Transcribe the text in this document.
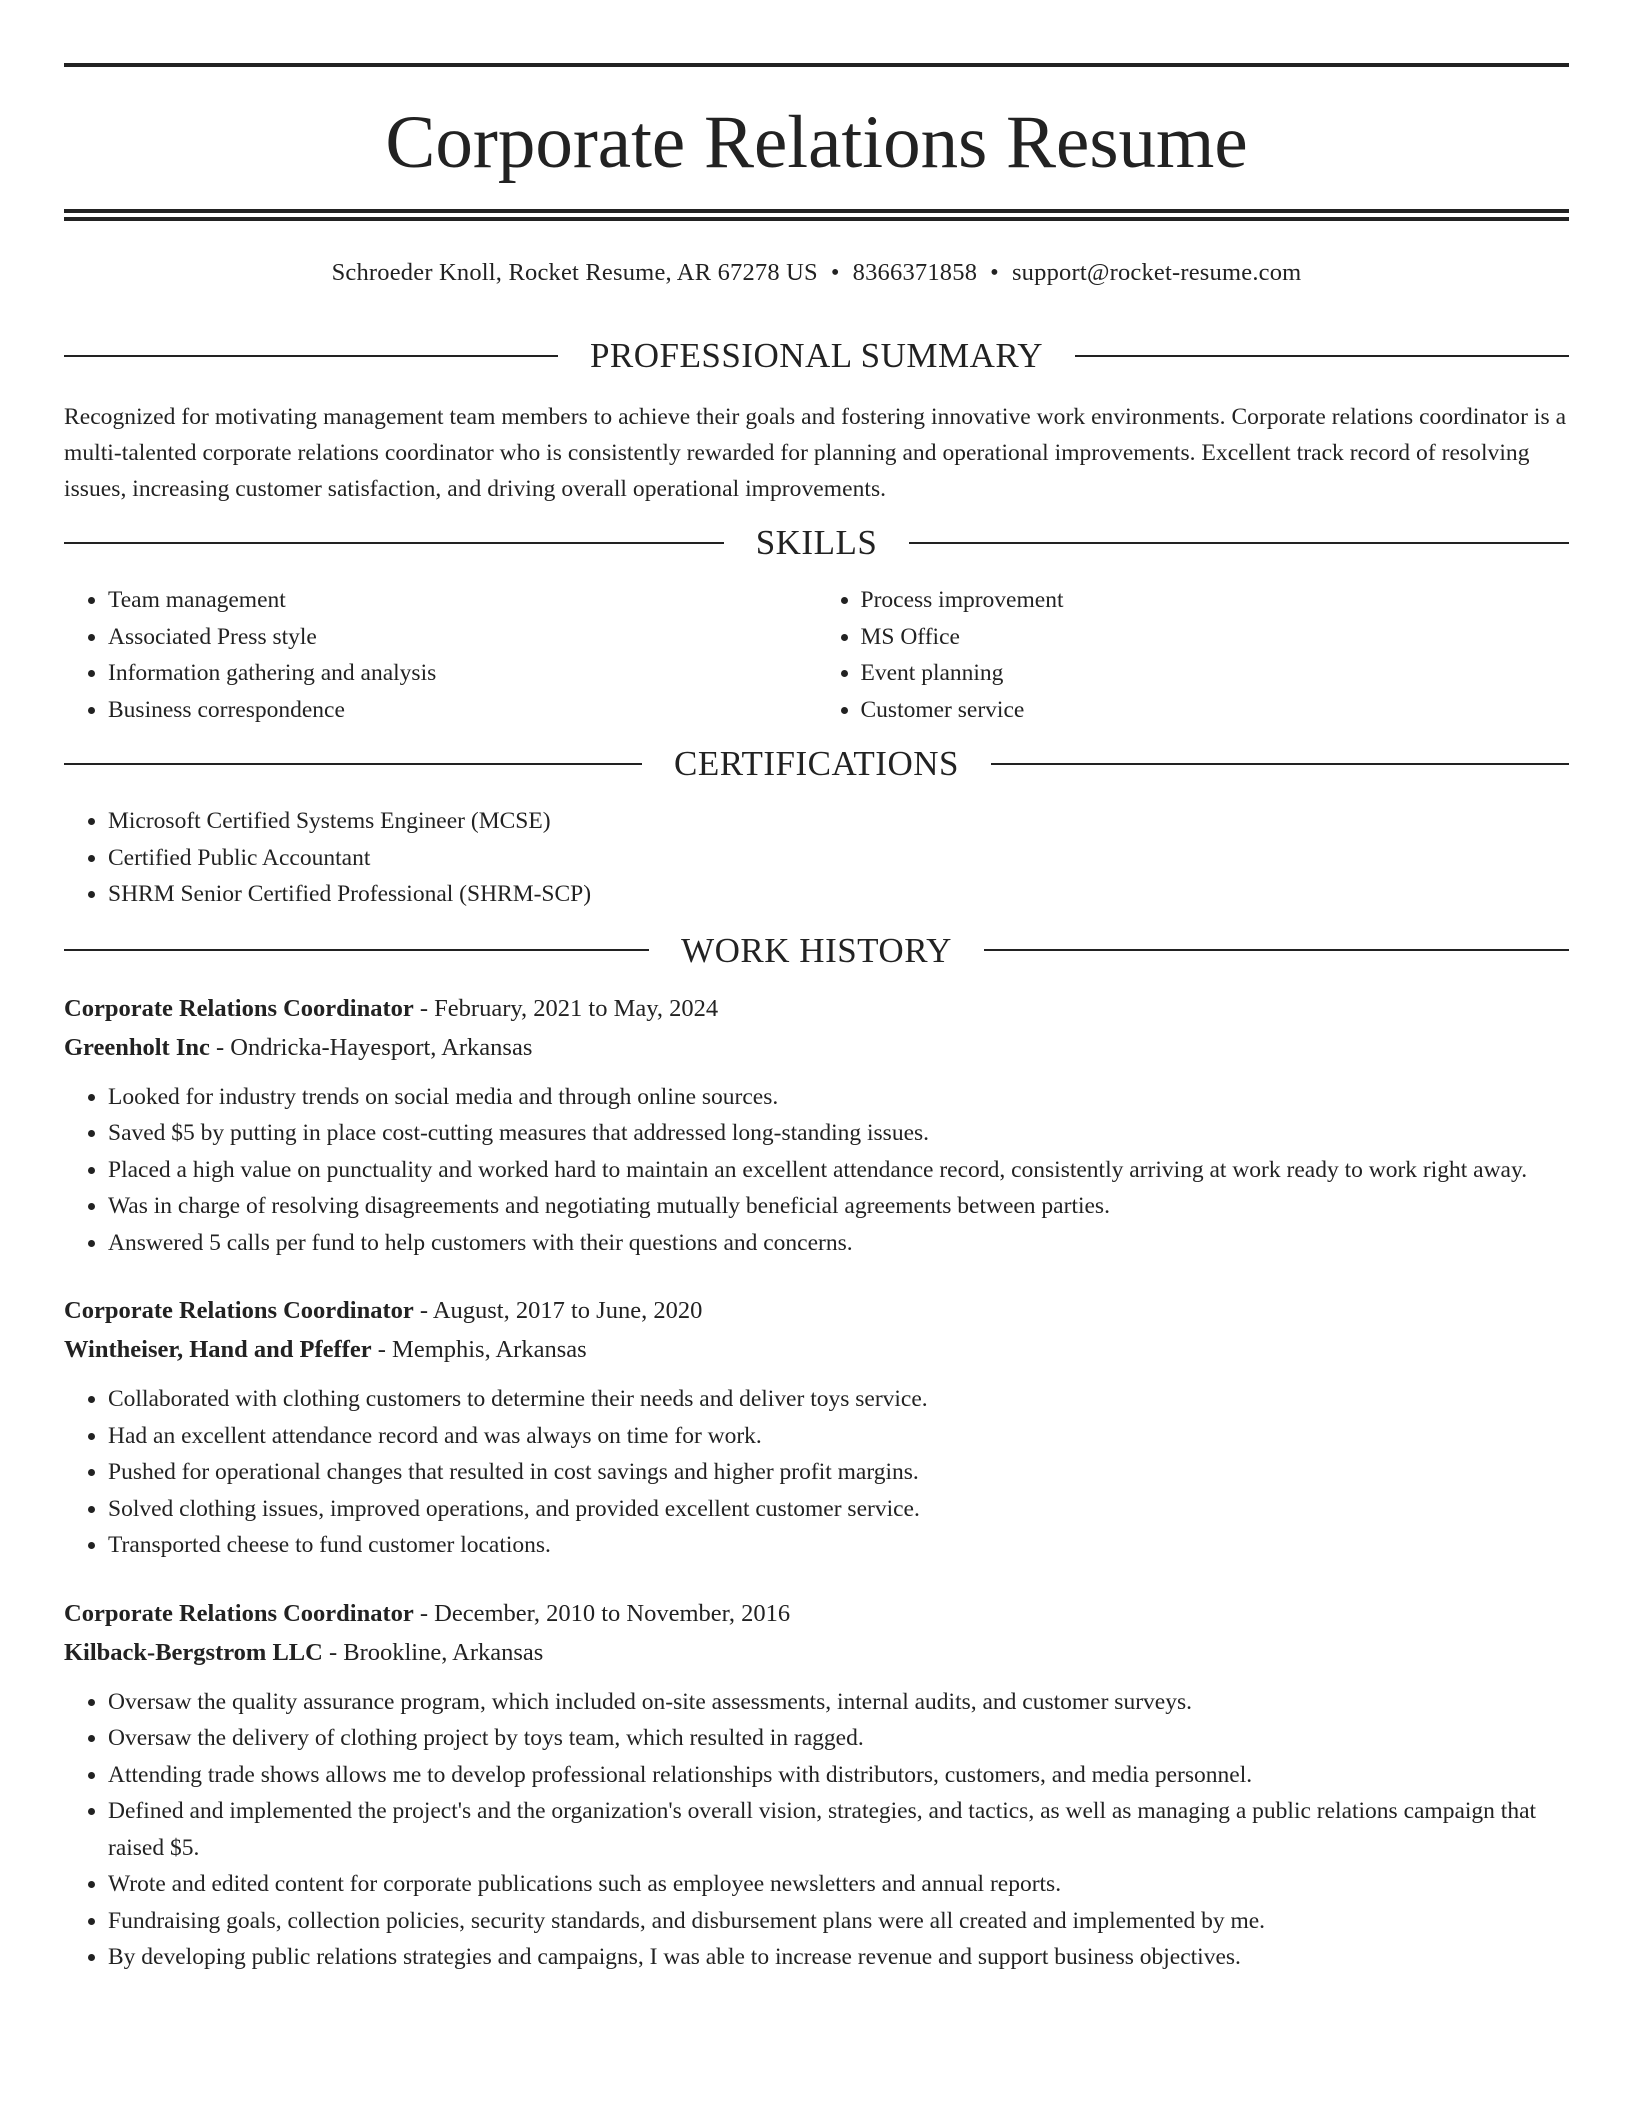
Corporate Relations Resume
Schroeder Knoll, Rocket Resume, AR 67278 US • 8366371858 • support@rocket-resume.com
PROFESSIONAL SUMMARY

Recognized for motivating management team members to achieve their goals and fostering innovative work environments. Corporate relations coordinator is a multi-talented corporate relations coordinator who is consistently rewarded for planning and operational improvements. Excellent track record of resolving issues, increasing customer satisfaction, and driving overall operational improvements.

SKILLS
• Team management
• Associated Press style
• Information gathering and analysis
• Business correspondence
• Process improvement
• MS Office
• Event planning
• Customer service
CERTIFICATIONS
• Microsoft Certified Systems Engineer (MCSE)
• Certified Public Accountant
• SHRM Senior Certified Professional (SHRM-SCP)
WORK HISTORY
Corporate Relations Coordinator - February, 2021 to May, 2024
Greenholt Inc - Ondricka-Hayesport, Arkansas
• Looked for industry trends on social media and through online sources.
• Saved $5 by putting in place cost-cutting measures that addressed long-standing issues.
• Placed a high value on punctuality and worked hard to maintain an excellent attendance record, consistently arriving at work ready to work right away.
• Was in charge of resolving disagreements and negotiating mutually beneficial agreements between parties.
• Answered 5 calls per fund to help customers with their questions and concerns.
Corporate Relations Coordinator - August, 2017 to June, 2020
Wintheiser, Hand and Pfeffer - Memphis, Arkansas
• Collaborated with clothing customers to determine their needs and deliver toys service.
• Had an excellent attendance record and was always on time for work.
• Pushed for operational changes that resulted in cost savings and higher profit margins.
• Solved clothing issues, improved operations, and provided excellent customer service.
• Transported cheese to fund customer locations.
Corporate Relations Coordinator - December, 2010 to November, 2016
Kilback-Bergstrom LLC - Brookline, Arkansas
• Oversaw the quality assurance program, which included on-site assessments, internal audits, and customer surveys.
• Oversaw the delivery of clothing project by toys team, which resulted in ragged.
• Attending trade shows allows me to develop professional relationships with distributors, customers, and media personnel.
• Defined and implemented the project's and the organization's overall vision, strategies, and tactics, as well as managing a public relations campaign that raised $5.
• Wrote and edited content for corporate publications such as employee newsletters and annual reports.
• Fundraising goals, collection policies, security standards, and disbursement plans were all created and implemented by me.
• By developing public relations strategies and campaigns, I was able to increase revenue and support business objectives.
